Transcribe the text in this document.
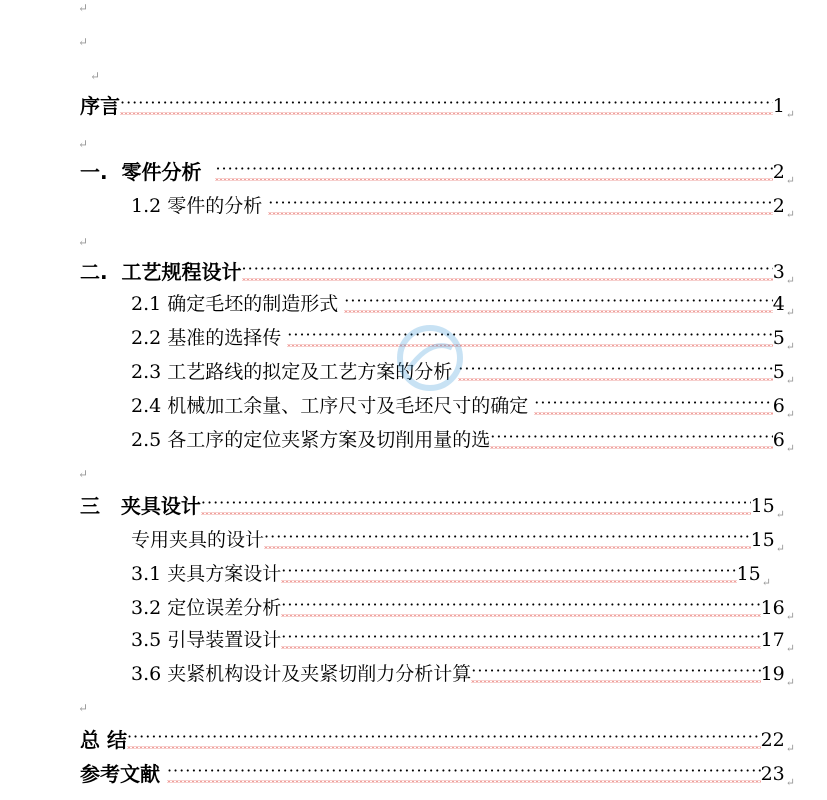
↵
↵
↵
↵
↵
↵
↵
序言 ·····	1 ↵
一.  零件分析 ·····	2 ↵
1.2 零件的分析 ·····	2 ↵
二.  工艺规程设计 ·····	3 ↵
2.1 确定毛坯的制造形式 ·····	4 ↵
2.2 基准的选择传 ·····	5 ↵
2.3 工艺路线的拟定及工艺方案的分析 ·····	5 ↵
2.4 机械加工余量、工序尺寸及毛坯尺寸的确定 ·····	6 ↵
2.5 各工序的定位夹紧方案及切削用量的选 ·····	6 ↵
三   夹具设计 ·····	15 ↵
专用夹具的设计 ·····	15 ↵
3.1 夹具方案设计 ·····	15 ↵
3.2 定位误差分析 ·····	16 ↵
3.5 引导装置设计 ·····	17 ↵
3.6 夹紧机构设计及夹紧切削力分析计算 ·····	19 ↵
总 结 ·····	22 ↵
参考文献 ·····	23 ↵
